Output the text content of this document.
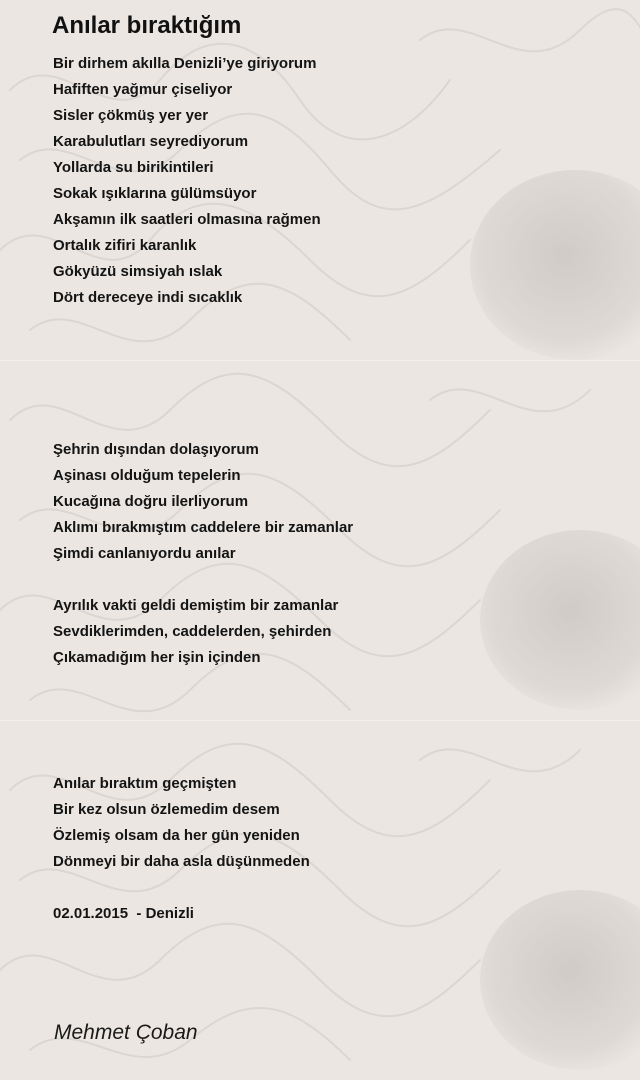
Anılar bıraktığım
Bir dirhem akılla Denizli’ye giriyorum
Hafiften yağmur çiseliyor
Sisler çökmüş yer yer
Karabulutları seyrediyorum
Yollarda su birikintileri
Sokak ışıklarına gülümsüyor
Akşamın ilk saatleri olmasına rağmen
Ortalık zifiri karanlık
Gökyüzü simsiyah ıslak
Dört dereceye indi sıcaklık
Şehrin dışından dolaşıyorum
Aşinası olduğum tepelerin
Kucağına doğru ilerliyorum
Aklımı bırakmıştım caddelere bir zamanlar
Şimdi canlanıyordu anılar
Ayrılık vakti geldi demiştim bir zamanlar
Sevdiklerimden, caddelerden, şehirden
Çıkamadığım her işin içinden
Anılar bıraktım geçmişten
Bir kez olsun özlemedim desem
Özlemiş olsam da her gün yeniden
Dönmeyi bir daha asla düşünmeden
02.01.2015  - Denizli
Mehmet Çoban
